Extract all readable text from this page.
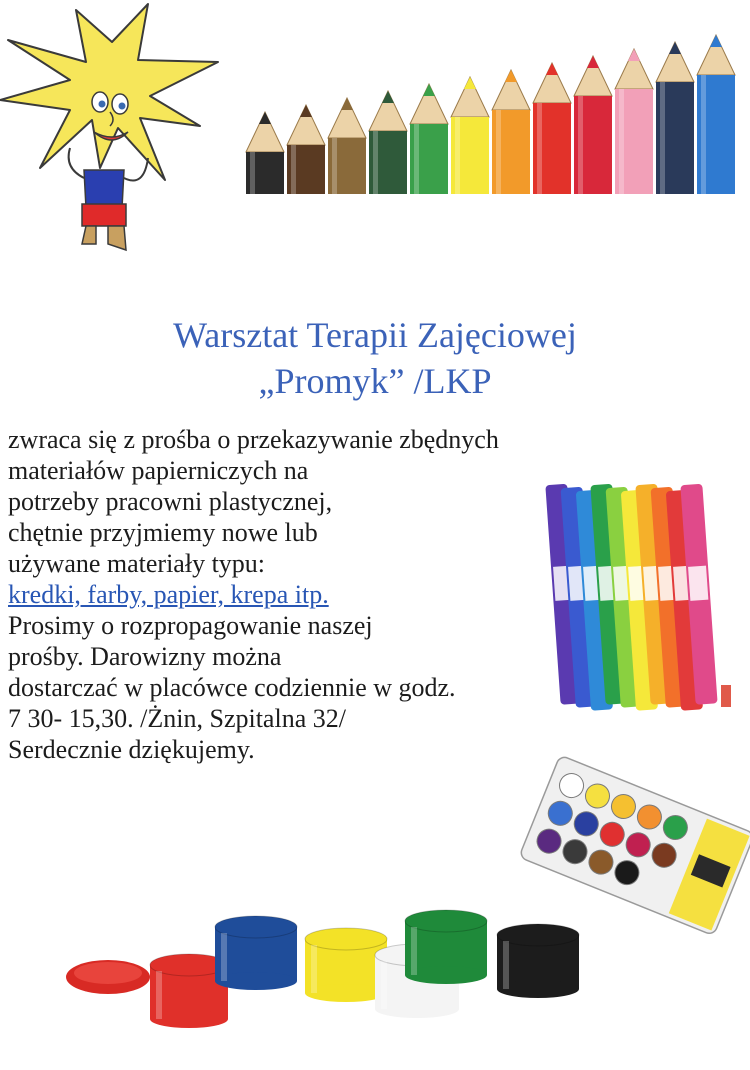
Warsztat Terapii Zajęciowej
„Promyk” /LKP
zwraca się z prośba o przekazywanie zbędnych
materiałów papierniczych na
potrzeby pracowni plastycznej,
chętnie przyjmiemy nowe lub
używane materiały typu:
kredki, farby, papier, krepa itp.
Prosimy o rozpropagowanie naszej
prośby. Darowizny można
dostarczać w placówce codziennie w godz.
7 30- 15,30. /Żnin, Szpitalna 32/
Serdecznie dziękujemy.
